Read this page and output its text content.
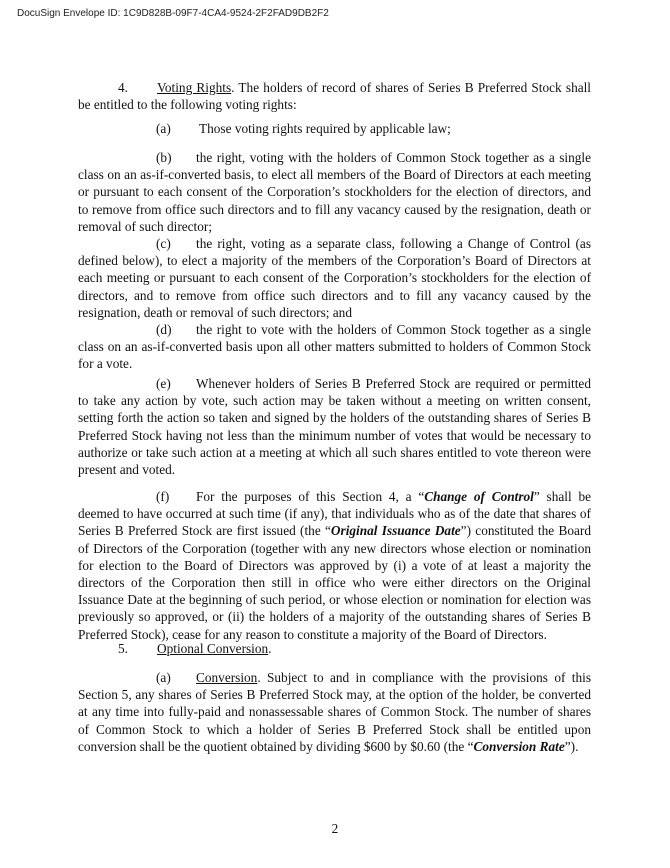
DocuSign Envelope ID: 1C9D828B-09F7-4CA4-9524-2F2FAD9DB2F2
4. Voting Rights. The holders of record of shares of Series B Preferred Stock shall be entitled to the following voting rights:
(a) Those voting rights required by applicable law;
(b) the right, voting with the holders of Common Stock together as a single class on an as-if-converted basis, to elect all members of the Board of Directors at each meeting or pursuant to each consent of the Corporation’s stockholders for the election of directors, and to remove from office such directors and to fill any vacancy caused by the resignation, death or removal of such director;
(c) the right, voting as a separate class, following a Change of Control (as defined below), to elect a majority of the members of the Corporation’s Board of Directors at each meeting or pursuant to each consent of the Corporation’s stockholders for the election of directors, and to remove from office such directors and to fill any vacancy caused by the resignation, death or removal of such directors; and
(d) the right to vote with the holders of Common Stock together as a single class on an as-if-converted basis upon all other matters submitted to holders of Common Stock for a vote.
(e) Whenever holders of Series B Preferred Stock are required or permitted to take any action by vote, such action may be taken without a meeting on written consent, setting forth the action so taken and signed by the holders of the outstanding shares of Series B Preferred Stock having not less than the minimum number of votes that would be necessary to authorize or take such action at a meeting at which all such shares entitled to vote thereon were present and voted.
(f) For the purposes of this Section 4, a “Change of Control” shall be deemed to have occurred at such time (if any), that individuals who as of the date that shares of Series B Preferred Stock are first issued (the “Original Issuance Date”) constituted the Board of Directors of the Corporation (together with any new directors whose election or nomination for election to the Board of Directors was approved by (i) a vote of at least a majority the directors of the Corporation then still in office who were either directors on the Original Issuance Date at the beginning of such period, or whose election or nomination for election was previously so approved, or (ii) the holders of a majority of the outstanding shares of Series B Preferred Stock), cease for any reason to constitute a majority of the Board of Directors.
5. Optional Conversion.
(a) Conversion. Subject to and in compliance with the provisions of this Section 5, any shares of Series B Preferred Stock may, at the option of the holder, be converted at any time into fully-paid and nonassessable shares of Common Stock. The number of shares of Common Stock to which a holder of Series B Preferred Stock shall be entitled upon conversion shall be the quotient obtained by dividing $600 by $0.60 (the “Conversion Rate”).
2
